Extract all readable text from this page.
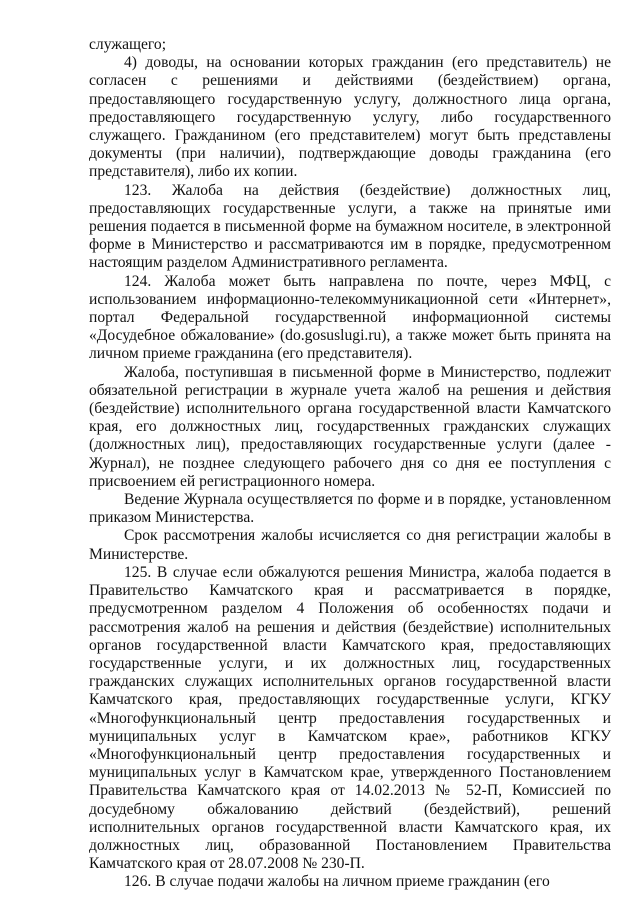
служащего;

4) доводы, на основании которых гражданин (его представитель) не согласен с решениями и действиями (бездействием) органа, предоставляющего государственную услугу, должностного лица органа, предоставляющего государственную услугу, либо государственного служащего. Гражданином (его представителем) могут быть представлены документы (при наличии), подтверждающие доводы гражданина (его представителя), либо их копии.

123. Жалоба на действия (бездействие) должностных лиц, предоставляющих государственные услуги, а также на принятые ими решения подается в письменной форме на бумажном носителе, в электронной форме в Министерство и рассматриваются им в порядке, предусмотренном настоящим разделом Административного регламента.

124. Жалоба может быть направлена по почте, через МФЦ, с использованием информационно-телекоммуникационной сети «Интернет», портал Федеральной государственной информационной системы «Досудебное обжалование» (do.gosuslugi.ru), а также может быть принята на личном приеме гражданина (его представителя).

Жалоба, поступившая в письменной форме в Министерство, подлежит обязательной регистрации в журнале учета жалоб на решения и действия (бездействие) исполнительного органа государственной власти Камчатского края, его должностных лиц, государственных гражданских служащих (должностных лиц), предоставляющих государственные услуги (далее - Журнал), не позднее следующего рабочего дня со дня ее поступления с присвоением ей регистрационного номера.

Ведение Журнала осуществляется по форме и в порядке, установленном приказом Министерства.

Срок рассмотрения жалобы исчисляется со дня регистрации жалобы в Министерстве.

125. В случае если обжалуются решения Министра, жалоба подается в Правительство Камчатского края и рассматривается в порядке, предусмотренном разделом 4 Положения об особенностях подачи и рассмотрения жалоб на решения и действия (бездействие) исполнительных органов государственной власти Камчатского края, предоставляющих государственные услуги, и их должностных лиц, государственных гражданских служащих исполнительных органов государственной власти Камчатского края, предоставляющих государственные услуги, КГКУ «Многофункциональный центр предоставления государственных и муниципальных услуг в Камчатском крае», работников КГКУ «Многофункциональный центр предоставления государственных и муниципальных услуг в Камчатском крае, утвержденного Постановлением Правительства Камчатского края от 14.02.2013 № 52-П, Комиссией по досудебному обжалованию действий (бездействий), решений исполнительных органов государственной власти Камчатского края, их должностных лиц, образованной Постановлением Правительства Камчатского края от 28.07.2008 № 230-П.

126. В случае подачи жалобы на личном приеме гражданин (его
